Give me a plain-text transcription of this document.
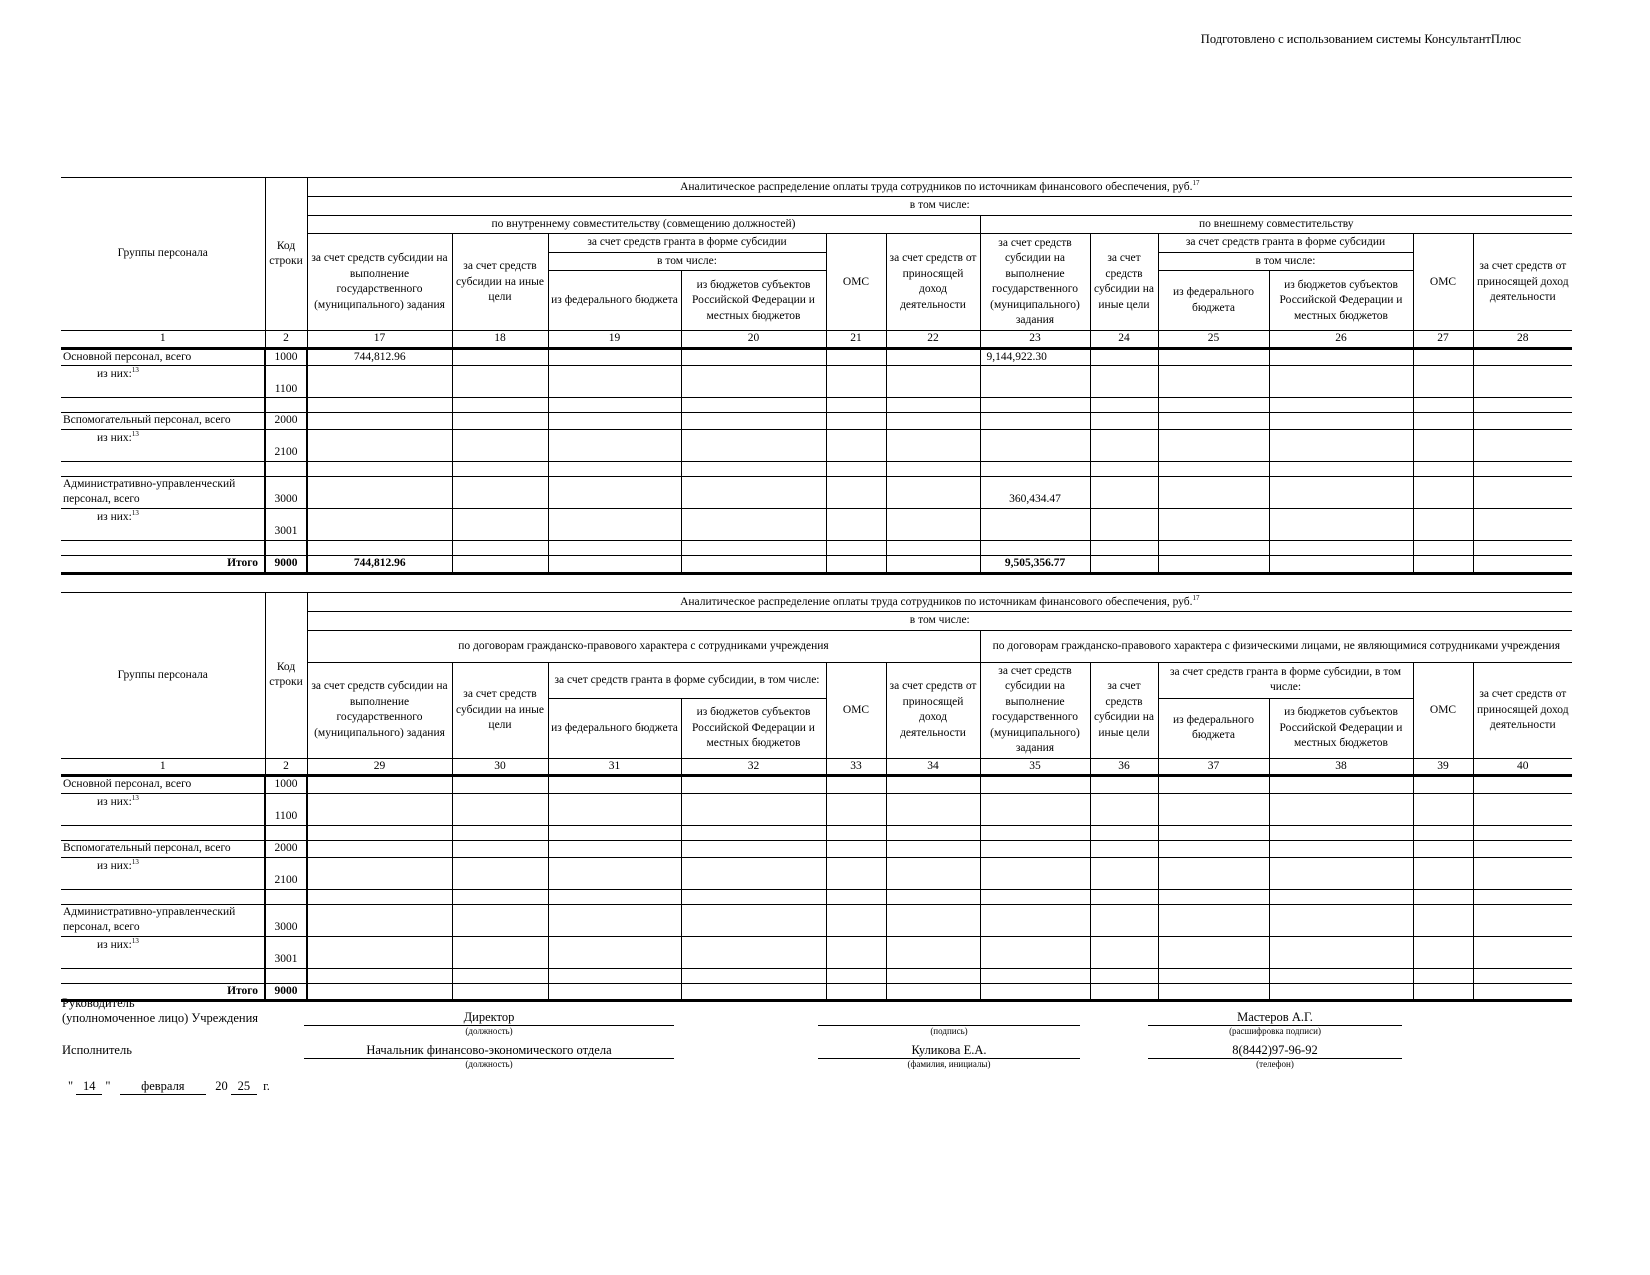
Подготовлено с использованием системы КонсультантПлюс
Группы персонала	Код строки	Аналитическое распределение оплаты труда сотрудников по источникам финансового обеспечения, руб.$^{17}$
		в том числе:											
		по внутреннему совместительству (совмещению должностей)						по внешнему совместительству					
		за счет средств субсидии на выполнение государственного (муниципального) задания	за счет средств субсидии на иные цели	за счет средств гранта в форме субсидии		ОМС	за счет средств от приносящей доход деятельности	за счет средств субсидии на выполнение государственного (муниципального) задания	за счет средств субсидии на иные цели	за счет средств гранта в форме субсидии		ОМС	за счет средств от приносящей доход деятельности
				в том числе:						в том числе:			
				из федерального бюджета	из бюджетов субъектов Российской Федерации и местных бюджетов					из федерального бюджета	из бюджетов субъектов Российской Федерации и местных бюджетов		
1	2	17	18	19	20	21	22	23	24	25	26	27	28
Основной персонал, всего	1000	744,812.96						9,144,922.30					
из них:$^{13}$	1100												

Вспомогательный персонал, всего	2000												
из них:$^{13}$	2100												

Административно-управленческий персонал, всего	3000							360,434.47					
из них:$^{13}$	3001												

Итого	9000	744,812.96						9,505,356.77					
Группы персонала	Код строки	Аналитическое распределение оплаты труда сотрудников по источникам финансового обеспечения, руб.$^{17}$
		в том числе:											
		по договорам гражданско-правового характера с сотрудниками учреждения						по договорам гражданско-правового характера с физическими лицами, не являющимися сотрудниками учреждения					
		за счет средств субсидии на выполнение государственного (муниципального) задания	за счет средств субсидии на иные цели	за счет средств гранта в форме субсидии, в том числе:		ОМС	за счет средств от приносящей доход деятельности	за счет средств субсидии на выполнение государственного (муниципального) задания	за счет средств субсидии на иные цели	за счет средств гранта в форме субсидии, в том числе:		ОМС	за счет средств от приносящей доход деятельности
				из федерального бюджета	из бюджетов субъектов Российской Федерации и местных бюджетов					из федерального бюджета	из бюджетов субъектов Российской Федерации и местных бюджетов		
1	2	29	30	31	32	33	34	35	36	37	38	39	40
Основной персонал, всего	1000												
из них:$^{13}$	1100												

Вспомогательный персонал, всего	2000												
из них:$^{13}$	2100												

Административно-управленческий персонал, всего	3000												
из них:$^{13}$	3001												

Итого	9000												
Руководитель
(уполномоченное лицо) Учреждения	Директор
(должность)	(подпись)
Мастеров А.Г.
(расшифровка подписи)
Исполнитель	Начальник финансово-экономического отдела
(должность)
Куликова Е.А.
(фамилия, инициалы)
8(8442)97-96-92
(телефон)
" 14 " февраля 20 25 г.
